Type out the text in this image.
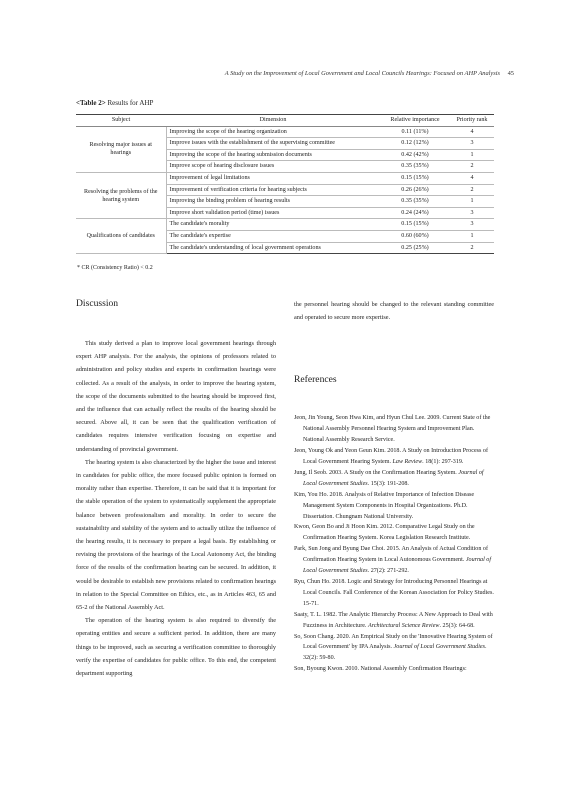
A Study on the Improvement of Local Government and Local Councils Hearings: Focused on AHP Analysis 45
<Table 2> Results for AHP
Subject	Dimension	Relative importance	Priority rank
Resolving major issues at hearings	Improving the scope of the hearing organization	0.11 (11%)	4
	Improve issues with the establishment of the supervising committee	0.12 (12%)	3
	Improving the scope of the hearing submission documents	0.42 (42%)	1
	Improve scope of hearing disclosure issues	0.35 (35%)	2
Resolving the problems of the hearing system	Improvement of legal limitations	0.15 (15%)	4
	Improvement of verification criteria for hearing subjects	0.26 (26%)	2
	Improving the binding problem of hearing results	0.35 (35%)	1
	Improve short validation period (time) issues	0.24 (24%)	3
Qualifications of candidates	The candidate's morality	0.15 (15%)	3
	The candidate's expertise	0.60 (60%)	1
	The candidate's understanding of local government operations	0.25 (25%)	2
* CR (Consistency Ratio) < 0.2
Discussion

This study derived a plan to improve local government hearings through expert AHP analysis. For the analysis, the opinions of professors related to administration and policy studies and experts in confirmation hearings were collected. As a result of the analysis, in order to improve the hearing system, the scope of the documents submitted to the hearing should be improved first, and the influence that can actually reflect the results of the hearing should be secured. Above all, it can be seen that the qualification verification of candidates requires intensive verification focusing on expertise and understanding of provincial government.

The hearing system is also characterized by the higher the issue and interest in candidates for public office, the more focused public opinion is formed on morality rather than expertise. Therefore, it can be said that it is important for the stable operation of the system to systematically supplement the appropriate balance between professionalism and morality. In order to secure the sustainability and stability of the system and to actually utilize the influence of the hearing results, it is necessary to prepare a legal basis. By establishing or revising the provisions of the hearings of the Local Autonomy Act, the binding force of the results of the confirmation hearing can be secured. In addition, it would be desirable to establish new provisions related to confirmation hearings in relation to the Special Committee on Ethics, etc., as in Articles 463, 65 and 65-2 of the National Assembly Act.

The operation of the hearing system is also required to diversify the operating entities and secure a sufficient period. In addition, there are many things to be improved, such as securing a verification committee to thoroughly verify the expertise of candidates for public office. To this end, the competent department supporting

the personnel hearing should be changed to the relevant standing committee and operated to secure more expertise.

References
Jeon, Jin Young, Seon Hwa Kim, and Hyun Chul Lee. 2009. Current State of the National Assembly Personnel Hearing System and Improvement Plan. National Assembly Research Service.
Jeon, Young Ok and Yeon Geun Kim. 2018. A Study on Introduction Process of Local Government Hearing System. Law Review. 18(1): 297-319.
Jung, Il Seob. 2003. A Study on the Confirmation Hearing System. Journal of Local Government Studies. 15(3): 191-208.
Kim, You Ho. 2018. Analysis of Relative Importance of Infection Disease Management System Components in Hospital Organizations. Ph.D. Dissertation. Chungnam National University.
Kwon, Geon Bo and Ji Hoon Kim. 2012. Comparative Legal Study on the Confirmation Hearing System. Korea Legislation Research Institute.
Park, Sun Jong and Byung Dae Choi. 2015. An Analysis of Actual Condition of Confirmation Hearing System in Local Autonomous Government. Journal of Local Government Studies. 27(2): 271-292.
Ryu, Chun Ho. 2018. Logic and Strategy for Introducing Personnel Hearings at Local Councils. Fall Conference of the Korean Association for Policy Studies. 15-71.
Saaty, T. L. 1982. The Analytic Hierarchy Process: A New Approach to Deal with Fuzziness in Architecture. Architectural Science Review. 25(3): 64-68.
So, Soon Chang. 2020. An Empirical Study on the 'Innovative Hearing System of Local Government' by IPA Analysis. Journal of Local Government Studies. 32(2): 59-80.
Son, Byoung Kwon. 2010. National Assembly Confirmation Hearings:
